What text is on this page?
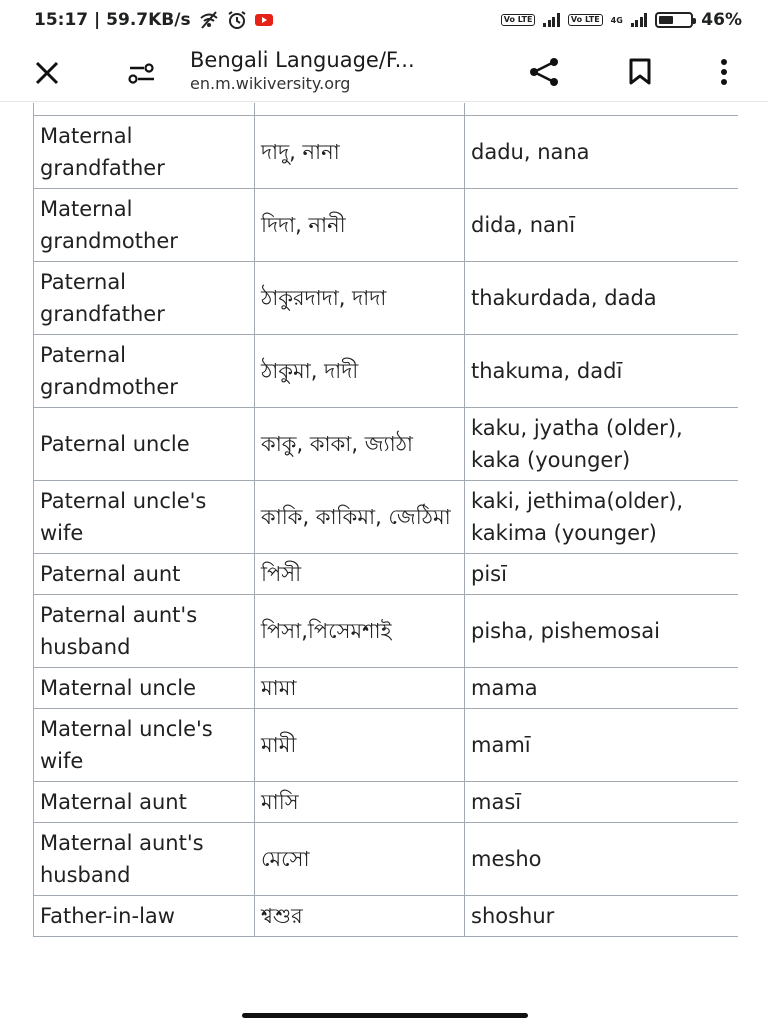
15:17 | 59.7KB/s	Vo LTE	Vo LTE	4G	46%
Bengali Language/F...
en.m.wikiversity.org

Maternal grandfather	দাদু, নানা	dadu, nana
Maternal grandmother	দিদা, নানী	dida, nanī
Paternal grandfather	ঠাকুরদাদা, দাদা	thakurdada, dada
Paternal grandmother	ঠাকুমা, দাদী	thakuma, dadī
Paternal uncle	কাকু, কাকা, জ্যাঠা	kaku, jyatha (older), kaka (younger)
Paternal uncle's wife	কাকি, কাকিমা, জেঠিমা	kaki, jethima(older), kakima (younger)
Paternal aunt	পিসী	pisī
Paternal aunt's husband	পিসা,পিসেমশাই	pisha, pishemosai
Maternal uncle	মামা	mama
Maternal uncle's wife	মামী	mamī
Maternal aunt	মাসি	masī
Maternal aunt's husband	মেসো	mesho
Father-in-law	শ্বশুর	shoshur
